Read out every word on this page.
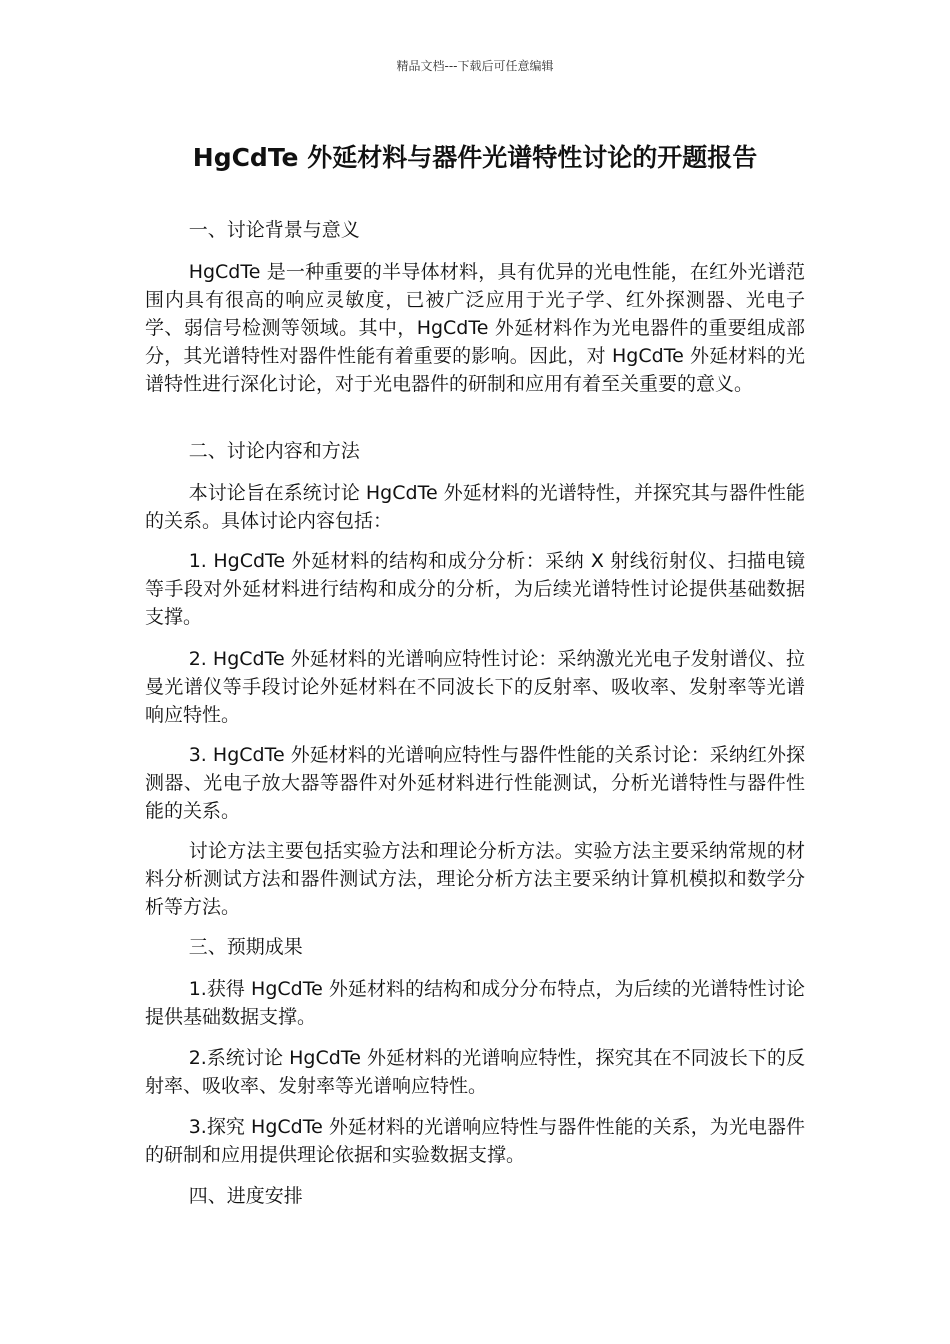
精品文档---下载后可任意编辑
HgCdTe 外延材料与器件光谱特性讨论的开题报告

一、讨论背景与意义

HgCdTe 是一种重要的半导体材料，具有优异的光电性能，在红外光谱范围内具有很高的响应灵敏度，已被广泛应用于光子学、红外探测器、光电子学、弱信号检测等领域。其中，HgCdTe 外延材料作为光电器件的重要组成部分，其光谱特性对器件性能有着重要的影响。因此，对 HgCdTe 外延材料的光谱特性进行深化讨论，对于光电器件的研制和应用有着至关重要的意义。

二、讨论内容和方法

本讨论旨在系统讨论 HgCdTe 外延材料的光谱特性，并探究其与器件性能的关系。具体讨论内容包括：

1. HgCdTe 外延材料的结构和成分分析：采纳 X 射线衍射仪、扫描电镜等手段对外延材料进行结构和成分的分析，为后续光谱特性讨论提供基础数据支撑。

2. HgCdTe 外延材料的光谱响应特性讨论：采纳激光光电子发射谱仪、拉曼光谱仪等手段讨论外延材料在不同波长下的反射率、吸收率、发射率等光谱响应特性。

3. HgCdTe 外延材料的光谱响应特性与器件性能的关系讨论：采纳红外探测器、光电子放大器等器件对外延材料进行性能测试，分析光谱特性与器件性能的关系。

讨论方法主要包括实验方法和理论分析方法。实验方法主要采纳常规的材料分析测试方法和器件测试方法，理论分析方法主要采纳计算机模拟和数学分析等方法。

三、预期成果

1.获得 HgCdTe 外延材料的结构和成分分布特点，为后续的光谱特性讨论提供基础数据支撑。

2.系统讨论 HgCdTe 外延材料的光谱响应特性，探究其在不同波长下的反射率、吸收率、发射率等光谱响应特性。

3.探究 HgCdTe 外延材料的光谱响应特性与器件性能的关系，为光电器件的研制和应用提供理论依据和实验数据支撑。

四、进度安排
